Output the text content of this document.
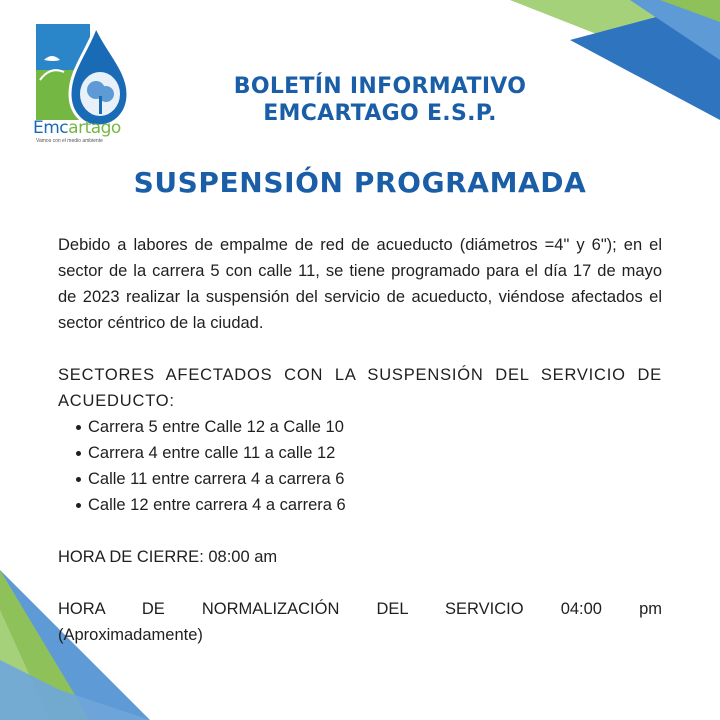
Emcartago
Vamos con el medio ambiente
BOLETÍN INFORMATIVO
EMCARTAGO E.S.P.
SUSPENSIÓN PROGRAMADA

Debido a labores de empalme de red de acueducto (diámetros =4" y 6"); en el sector de la carrera 5 con calle 11, se tiene programado para el día 17 de mayo de 2023 realizar la suspensión del servicio de acueducto, viéndose afectados el sector céntrico de la ciudad.

SECTORES AFECTADOS CON LA SUSPENSIÓN DEL SERVICIO DE ACUEDUCTO:

Carrera 5 entre Calle 12 a Calle 10
Carrera 4 entre calle 11 a calle 12
Calle 11 entre carrera 4 a carrera 6
Calle 12 entre carrera 4 a carrera 6

HORA DE CIERRE: 08:00 am

HORA DE NORMALIZACIÓN DEL SERVICIO 04:00 pm

(Aproximadamente)
